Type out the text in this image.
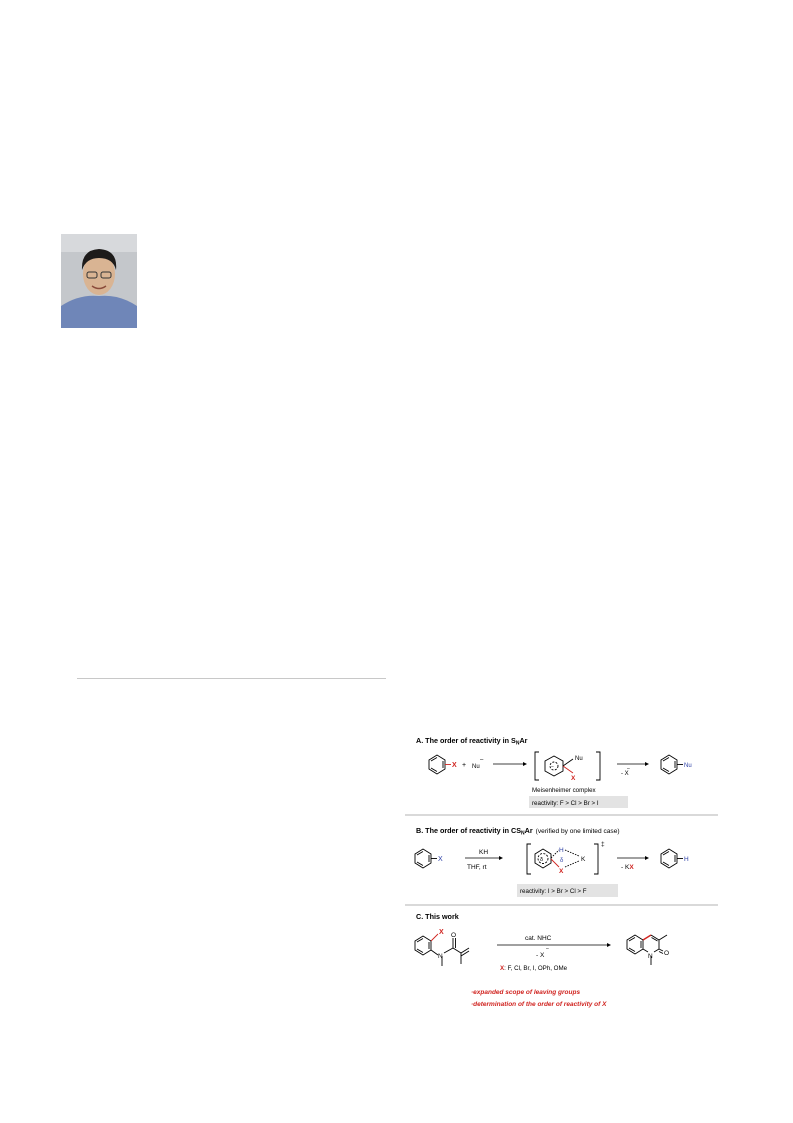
A. The order of reactivity in $S_NAr$
X + Nu
–
−
Nu
X
Meisenheimer complex
- X
–	Nu
reactivity: F > Cl > Br > I
B. The order of reactivity in $CS_NAr$ (verified by one limited case)
X
KH
THF, rt
δ
H
δ	K
X
‡
- KX
H
reactivity: I > Br > Cl > F
C. This work
X
N
O	cat. NHC
- X
–
X: F, Cl, Br, I, OPh, OMe
N O
·expanded scope of leaving groups
·determination of the order of reactivity of X
